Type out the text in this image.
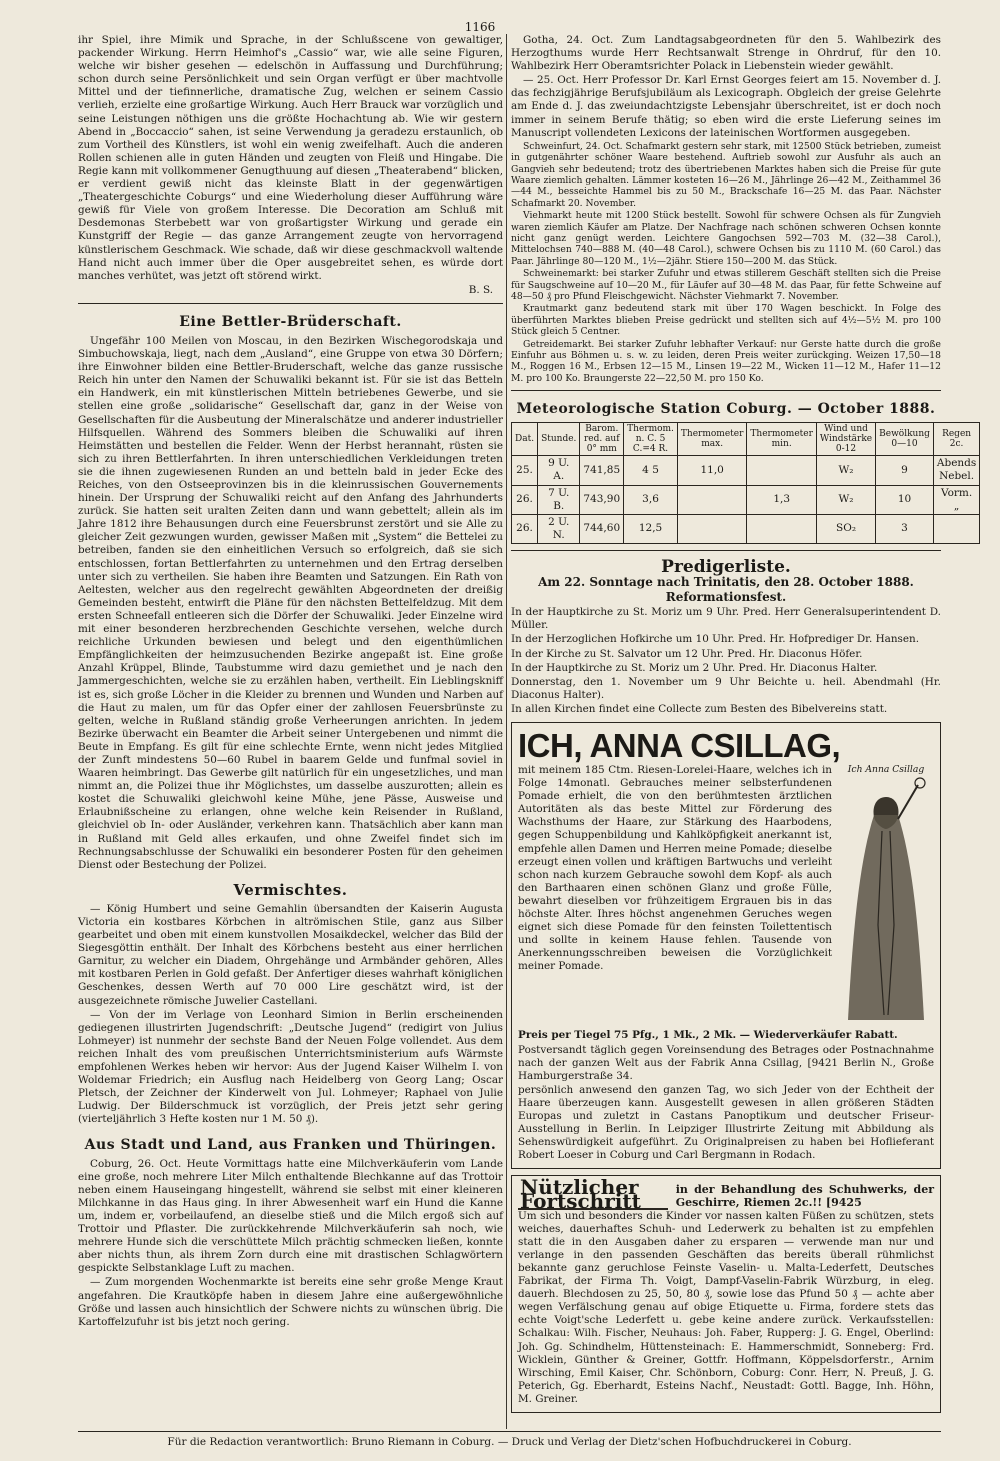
1166

ihr Spiel, ihre Mimik und Sprache, in der Schlußscene von gewaltiger, packender Wirkung. Herrn Heimhof's „Cassio“ war, wie alle seine Figuren, welche wir bisher gesehen — edelschön in Auffassung und Durchführung; schon durch seine Persönlichkeit und sein Organ verfügt er über machtvolle Mittel und der tiefinnerliche, dramatische Zug, welchen er seinem Cassio verlieh, erzielte eine großartige Wirkung. Auch Herr Brauck war vorzüglich und seine Leistungen nöthigen uns die größte Hochachtung ab. Wie wir gestern Abend in „Boccaccio“ sahen, ist seine Verwendung ja geradezu erstaunlich, ob zum Vortheil des Künstlers, ist wohl ein wenig zweifelhaft. Auch die anderen Rollen schienen alle in guten Händen und zeugten von Fleiß und Hingabe. Die Regie kann mit vollkommener Genugthuung auf diesen „Theaterabend“ blicken, er verdient gewiß nicht das kleinste Blatt in der gegenwärtigen „Theatergeschichte Coburgs“ und eine Wiederholung dieser Aufführung wäre gewiß für Viele von großem Interesse. Die Decoration am Schluß mit Desdemonas Sterbebett war von großartigster Wirkung und gerade ein Kunstgriff der Regie — das ganze Arrangement zeugte von hervorragend künstlerischem Geschmack. Wie schade, daß wir diese geschmackvoll waltende Hand nicht auch immer über die Oper ausgebreitet sehen, es würde dort manches verhütet, was jetzt oft störend wirkt.

B. S.
Eine Bettler-Brüderschaft.

Ungefähr 100 Meilen von Moscau, in den Bezirken Wischegorodskaja und Simbuchowskaja, liegt, nach dem „Ausland“, eine Gruppe von etwa 30 Dörfern; ihre Einwohner bilden eine Bettler-Bruderschaft, welche das ganze russische Reich hin unter den Namen der Schuwaliki bekannt ist. Für sie ist das Betteln ein Handwerk, ein mit künstlerischen Mitteln betriebenes Gewerbe, und sie stellen eine große „solidarische“ Gesellschaft dar, ganz in der Weise von Gesellschaften für die Ausbeutung der Mineralschätze und anderer industrieller Hilfsquellen. Während des Sommers bleiben die Schuwaliki auf ihren Heimstätten und bestellen die Felder. Wenn der Herbst herannaht, rüsten sie sich zu ihren Bettlerfahrten. In ihren unterschiedlichen Verkleidungen treten sie die ihnen zugewiesenen Runden an und betteln bald in jeder Ecke des Reiches, von den Ostseeprovinzen bis in die kleinrussischen Gouvernements hinein. Der Ursprung der Schuwaliki reicht auf den Anfang des Jahrhunderts zurück. Sie hatten seit uralten Zeiten dann und wann gebettelt; allein als im Jahre 1812 ihre Behausungen durch eine Feuersbrunst zerstört und sie Alle zu gleicher Zeit gezwungen wurden, gewisser Maßen mit „System“ die Bettelei zu betreiben, fanden sie den einheitlichen Versuch so erfolgreich, daß sie sich entschlossen, fortan Bettlerfahrten zu unternehmen und den Ertrag derselben unter sich zu vertheilen. Sie haben ihre Beamten und Satzungen. Ein Rath von Aeltesten, welcher aus den regelrecht gewählten Abgeordneten der dreißig Gemeinden besteht, entwirft die Pläne für den nächsten Bettelfeldzug. Mit dem ersten Schneefall entleeren sich die Dörfer der Schuwaliki. Jeder Einzelne wird mit einer besonderen herzbrechenden Geschichte versehen, welche durch reichliche Urkunden bewiesen und belegt und den eigenthümlichen Empfänglichkeiten der heimzusuchenden Bezirke angepaßt ist. Eine große Anzahl Krüppel, Blinde, Taubstumme wird dazu gemiethet und je nach den Jammergeschichten, welche sie zu erzählen haben, vertheilt. Ein Lieblingskniff ist es, sich große Löcher in die Kleider zu brennen und Wunden und Narben auf die Haut zu malen, um für das Opfer einer der zahllosen Feuersbrünste zu gelten, welche in Rußland ständig große Verheerungen anrichten. In jedem Bezirke überwacht ein Beamter die Arbeit seiner Untergebenen und nimmt die Beute in Empfang. Es gilt für eine schlechte Ernte, wenn nicht jedes Mitglied der Zunft mindestens 50—60 Rubel in baarem Gelde und funfmal soviel in Waaren heimbringt. Das Gewerbe gilt natürlich für ein ungesetzliches, und man nimmt an, die Polizei thue ihr Möglichstes, um dasselbe auszurotten; allein es kostet die Schuwaliki gleichwohl keine Mühe, jene Pässe, Ausweise und Erlaubnißscheine zu erlangen, ohne welche kein Reisender in Rußland, gleichviel ob In- oder Ausländer, verkehren kann. Thatsächlich aber kann man in Rußland mit Geld alles erkaufen, und ohne Zweifel findet sich im Rechnungsabschlusse der Schuwaliki ein besonderer Posten für den geheimen Dienst oder Bestechung der Polizei.

Vermischtes.

— König Humbert und seine Gemahlin übersandten der Kaiserin Augusta Victoria ein kostbares Körbchen in altrömischen Stile, ganz aus Silber gearbeitet und oben mit einem kunstvollen Mosaikdeckel, welcher das Bild der Siegesgöttin enthält. Der Inhalt des Körbchens besteht aus einer herrlichen Garnitur, zu welcher ein Diadem, Ohrgehänge und Armbänder gehören, Alles mit kostbaren Perlen in Gold gefaßt. Der Anfertiger dieses wahrhaft königlichen Geschenkes, dessen Werth auf 70 000 Lire geschätzt wird, ist der ausgezeichnete römische Juwelier Castellani.

— Von der im Verlage von Leonhard Simion in Berlin erscheinenden gediegenen illustrirten Jugendschrift: „Deutsche Jugend“ (redigirt von Julius Lohmeyer) ist nunmehr der sechste Band der Neuen Folge vollendet. Aus dem reichen Inhalt des vom preußischen Unterrichtsministerium aufs Wärmste empfohlenen Werkes heben wir hervor: Aus der Jugend Kaiser Wilhelm I. von Woldemar Friedrich; ein Ausflug nach Heidelberg von Georg Lang; Oscar Pletsch, der Zeichner der Kinderwelt von Jul. Lohmeyer; Raphael von Julie Ludwig. Der Bilderschmuck ist vorzüglich, der Preis jetzt sehr gering (vierteljährlich 3 Hefte kosten nur 1 M. 50 ₰).

Aus Stadt und Land, aus Franken und Thüringen.

Coburg, 26. Oct. Heute Vormittags hatte eine Milchverkäuferin vom Lande eine große, noch mehrere Liter Milch enthaltende Blechkanne auf das Trottoir neben einem Hauseingang hingestellt, während sie selbst mit einer kleineren Milchkanne in das Haus ging. In ihrer Abwesenheit warf ein Hund die Kanne um, indem er, vorbeilaufend, an dieselbe stieß und die Milch ergoß sich auf Trottoir und Pflaster. Die zurückkehrende Milchverkäuferin sah noch, wie mehrere Hunde sich die verschüttete Milch prächtig schmecken ließen, konnte aber nichts thun, als ihrem Zorn durch eine mit drastischen Schlagwörtern gespickte Selbstanklage Luft zu machen.

— Zum morgenden Wochenmarkte ist bereits eine sehr große Menge Kraut angefahren. Die Krautköpfe haben in diesem Jahre eine außergewöhnliche Größe und lassen auch hinsichtlich der Schwere nichts zu wünschen übrig. Die Kartoffelzufuhr ist bis jetzt noch gering.

Gotha, 24. Oct. Zum Landtagsabgeordneten für den 5. Wahlbezirk des Herzogthums wurde Herr Rechtsanwalt Strenge in Ohrdruf, für den 10. Wahlbezirk Herr Oberamtsrichter Polack in Liebenstein wieder gewählt.

— 25. Oct. Herr Professor Dr. Karl Ernst Georges feiert am 15. November d. J. das fechzigjährige Berufsjubiläum als Lexicograph. Obgleich der greise Gelehrte am Ende d. J. das zweiundachtzigste Lebensjahr überschreitet, ist er doch noch immer in seinem Berufe thätig; so eben wird die erste Lieferung seines im Manuscript vollendeten Lexicons der lateinischen Wortformen ausgegeben.

Schweinfurt, 24. Oct. Schafmarkt gestern sehr stark, mit 12500 Stück betrieben, zumeist in gutgenährter schöner Waare bestehend. Auftrieb sowohl zur Ausfuhr als auch an Gangvieh sehr bedeutend; trotz des übertriebenen Marktes haben sich die Preise für gute Waare ziemlich gehalten. Lämmer kosteten 16—26 M., Jährlinge 26—42 M., Zeithammel 36—44 M., besseichte Hammel bis zu 50 M., Brackschafe 16—25 M. das Paar. Nächster Schafmarkt 20. November.

Viehmarkt heute mit 1200 Stück bestellt. Sowohl für schwere Ochsen als für Zungvieh waren ziemlich Käufer am Platze. Der Nachfrage nach schönen schweren Ochsen konnte nicht ganz genügt werden. Leichtere Gangochsen 592—703 M. (32—38 Carol.), Mittelochsen 740—888 M. (40—48 Carol.), schwere Ochsen bis zu 1110 M. (60 Carol.) das Paar. Jährlinge 80—120 M., 1½—2jähr. Stiere 150—200 M. das Stück.

Schweinemarkt: bei starker Zufuhr und etwas stillerem Geschäft stellten sich die Preise für Saugschweine auf 10—20 M., für Läufer auf 30—48 M. das Paar, für fette Schweine auf 48—50 ₰ pro Pfund Fleischgewicht. Nächster Viehmarkt 7. November.

Krautmarkt ganz bedeutend stark mit über 170 Wagen beschickt. In Folge des überführten Marktes blieben Preise gedrückt und stellten sich auf 4½—5½ M. pro 100 Stück gleich 5 Centner.

Getreidemarkt. Bei starker Zufuhr lebhafter Verkauf: nur Gerste hatte durch die große Einfuhr aus Böhmen u. s. w. zu leiden, deren Preis weiter zurückging. Weizen 17,50—18 M., Roggen 16 M., Erbsen 12—15 M., Linsen 19—22 M., Wicken 11—12 M., Hafer 11—12 M. pro 100 Ko. Braungerste 22—22,50 M. pro 150 Ko.

Meteorologische Station Coburg. — October 1888.
Dat.	Stunde.	Barom. red. auf 0° mm	Thermom. n. C. 5 C.=4 R.	Thermometer max.	Thermometer min.	Wind und Windstärke 0-12	Bewölkung 0—10	Regen 2c.
25.	9 U. A.	741,85	4 5	11,0		W₂	9	Abends Nebel.
26.	7 U. B.	743,90	3,6		1,3	W₂	10	Vorm. „
26.	2 U. N.	744,60	12,5			SO₂	3	
Predigerliste.
Am 22. Sonntage nach Trinitatis, den 28. October 1888.
Reformationsfest.

In der Hauptkirche zu St. Moriz um 9 Uhr. Pred. Herr Generalsuperintendent D. Müller.

In der Herzoglichen Hofkirche um 10 Uhr. Pred. Hr. Hofprediger Dr. Hansen.

In der Kirche zu St. Salvator um 12 Uhr. Pred. Hr. Diaconus Höfer.

In der Hauptkirche zu St. Moriz um 2 Uhr. Pred. Hr. Diaconus Halter.

Donnerstag, den 1. November um 9 Uhr Beichte u. heil. Abendmahl (Hr. Diaconus Halter).

In allen Kirchen findet eine Collecte zum Besten des Bibelvereins statt.

ICH, ANNA CSILLAG,
mit meinem 185 Ctm. Riesen-Lorelei-Haare, welches ich in Folge 14monatl. Gebrauches meiner selbsterfundenen Pomade erhielt, die von den berühmtesten ärztlichen Autoritäten als das beste Mittel zur Förderung des Wachsthums der Haare, zur Stärkung des Haarbodens, gegen Schuppenbildung und Kahlköpfigkeit anerkannt ist, empfehle allen Damen und Herren meine Pomade; dieselbe erzeugt einen vollen und kräftigen Bartwuchs und verleiht schon nach kurzem Gebrauche sowohl dem Kopf- als auch den Barthaaren einen schönen Glanz und große Fülle, bewahrt dieselben vor frühzeitigem Ergrauen bis in das höchste Alter. Ihres höchst angenehmen Geruches wegen eignet sich diese Pomade für den feinsten Toilettentisch und sollte in keinem Hause fehlen. Tausende von Anerkennungsschreiben beweisen die Vorzüglichkeit meiner Pomade.
Ich Anna Csillag

Preis per Tiegel 75 Pfg., 1 Mk., 2 Mk. — Wiederverkäufer Rabatt.

Postversandt täglich gegen Voreinsendung des Betrages oder Postnachnahme nach der ganzen Welt aus der Fabrik Anna Csillag, [9421 Berlin N., Große Hamburgerstraße 34.

persönlich anwesend den ganzen Tag, wo sich Jeder von der Echtheit der Haare überzeugen kann. Ausgestellt gewesen in allen größeren Städten Europas und zuletzt in Castans Panoptikum und deutscher Friseur-Ausstellung in Berlin. In Leipziger Illustrirte Zeitung mit Abbildung als Sehenswürdigkeit aufgeführt. Zu Originalpreisen zu haben bei Hoflieferant Robert Loeser in Coburg und Carl Bergmann in Rodach.

Nützlicher Fortschritt	in der Behandlung des Schuhwerks, der Geschirre, Riemen 2c.!! [9425

Um sich und besonders die Kinder vor nassen kalten Füßen zu schützen, stets weiches, dauerhaftes Schuh- und Lederwerk zu behalten ist zu empfehlen statt die in den Ausgaben daher zu ersparen — verwende man nur und verlange in den passenden Geschäften das bereits überall rühmlichst bekannte ganz geruchlose Feinste Vaselin- u. Malta-Lederfett, Deutsches Fabrikat, der Firma Th. Voigt, Dampf-Vaselin-Fabrik Würzburg, in eleg. dauerh. Blechdosen zu 25, 50, 80 ₰, sowie lose das Pfund 50 ₰ — achte aber wegen Verfälschung genau auf obige Etiquette u. Firma, fordere stets das echte Voigt'sche Lederfett u. gebe keine andere zurück. Verkaufsstellen: Schalkau: Wilh. Fischer, Neuhaus: Joh. Faber, Rupperg: J. G. Engel, Oberlind: Joh. Gg. Schindhelm, Hüttensteinach: E. Hammerschmidt, Sonneberg: Frd. Wicklein, Günther & Greiner, Gottfr. Hoffmann, Köppelsdorferstr., Arnim Wirsching, Emil Kaiser, Chr. Schönborn, Coburg: Conr. Herr, N. Preuß, J. G. Peterich, Gg. Eberhardt, Esteins Nachf., Neustadt: Gottl. Bagge, Inh. Höhn, M. Greiner.

Für die Redaction verantwortlich: Bruno Riemann in Coburg. — Druck und Verlag der Dietz'schen Hofbuchdruckerei in Coburg.
